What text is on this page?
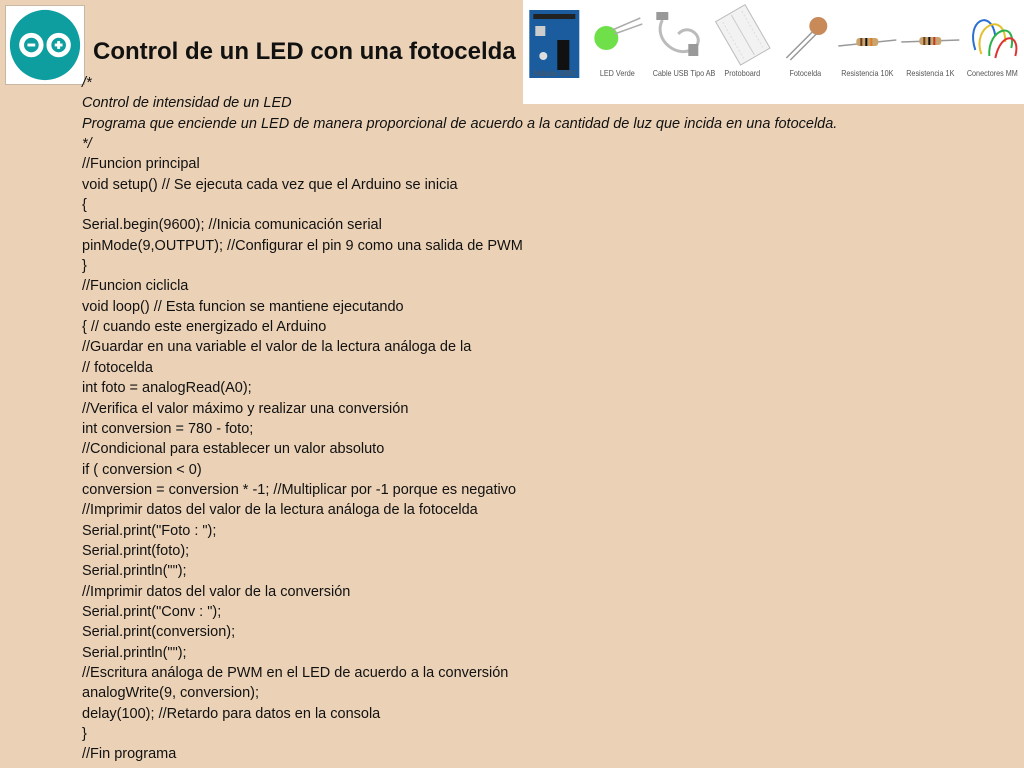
Control de un LED con una fotocelda
Arduino UNO	LED Verde	Cable USB Tipo AB	Protoboard	Fotocelda	Resistencia 10K Resistencia 1K Conectores MM
/*
Control de intensidad de un LED
Programa que enciende un LED de manera proporcional de acuerdo a la cantidad de luz que incida en una fotocelda.
*/
//Funcion principal
void setup() // Se ejecuta cada vez que el Arduino se inicia
{
Serial.begin(9600); //Inicia comunicación serial
pinMode(9,OUTPUT); //Configurar el pin 9 como una salida de PWM
}
//Funcion ciclicla
void loop() // Esta funcion se mantiene ejecutando
{ // cuando este energizado el Arduino
//Guardar en una variable el valor de la lectura análoga de la
// fotocelda
int foto = analogRead(A0);
//Verifica el valor máximo y realizar una conversión
int conversion = 780 - foto;
//Condicional para establecer un valor absoluto
if ( conversion < 0)
conversion = conversion * -1; //Multiplicar por -1 porque es negativo
//Imprimir datos del valor de la lectura análoga de la fotocelda
Serial.print("Foto : ");
Serial.print(foto);
Serial.println("");
//Imprimir datos del valor de la conversión
Serial.print("Conv : ");
Serial.print(conversion);
Serial.println("");
//Escritura análoga de PWM en el LED de acuerdo a la conversión
analogWrite(9, conversion);
delay(100); //Retardo para datos en la consola
}
//Fin programa
